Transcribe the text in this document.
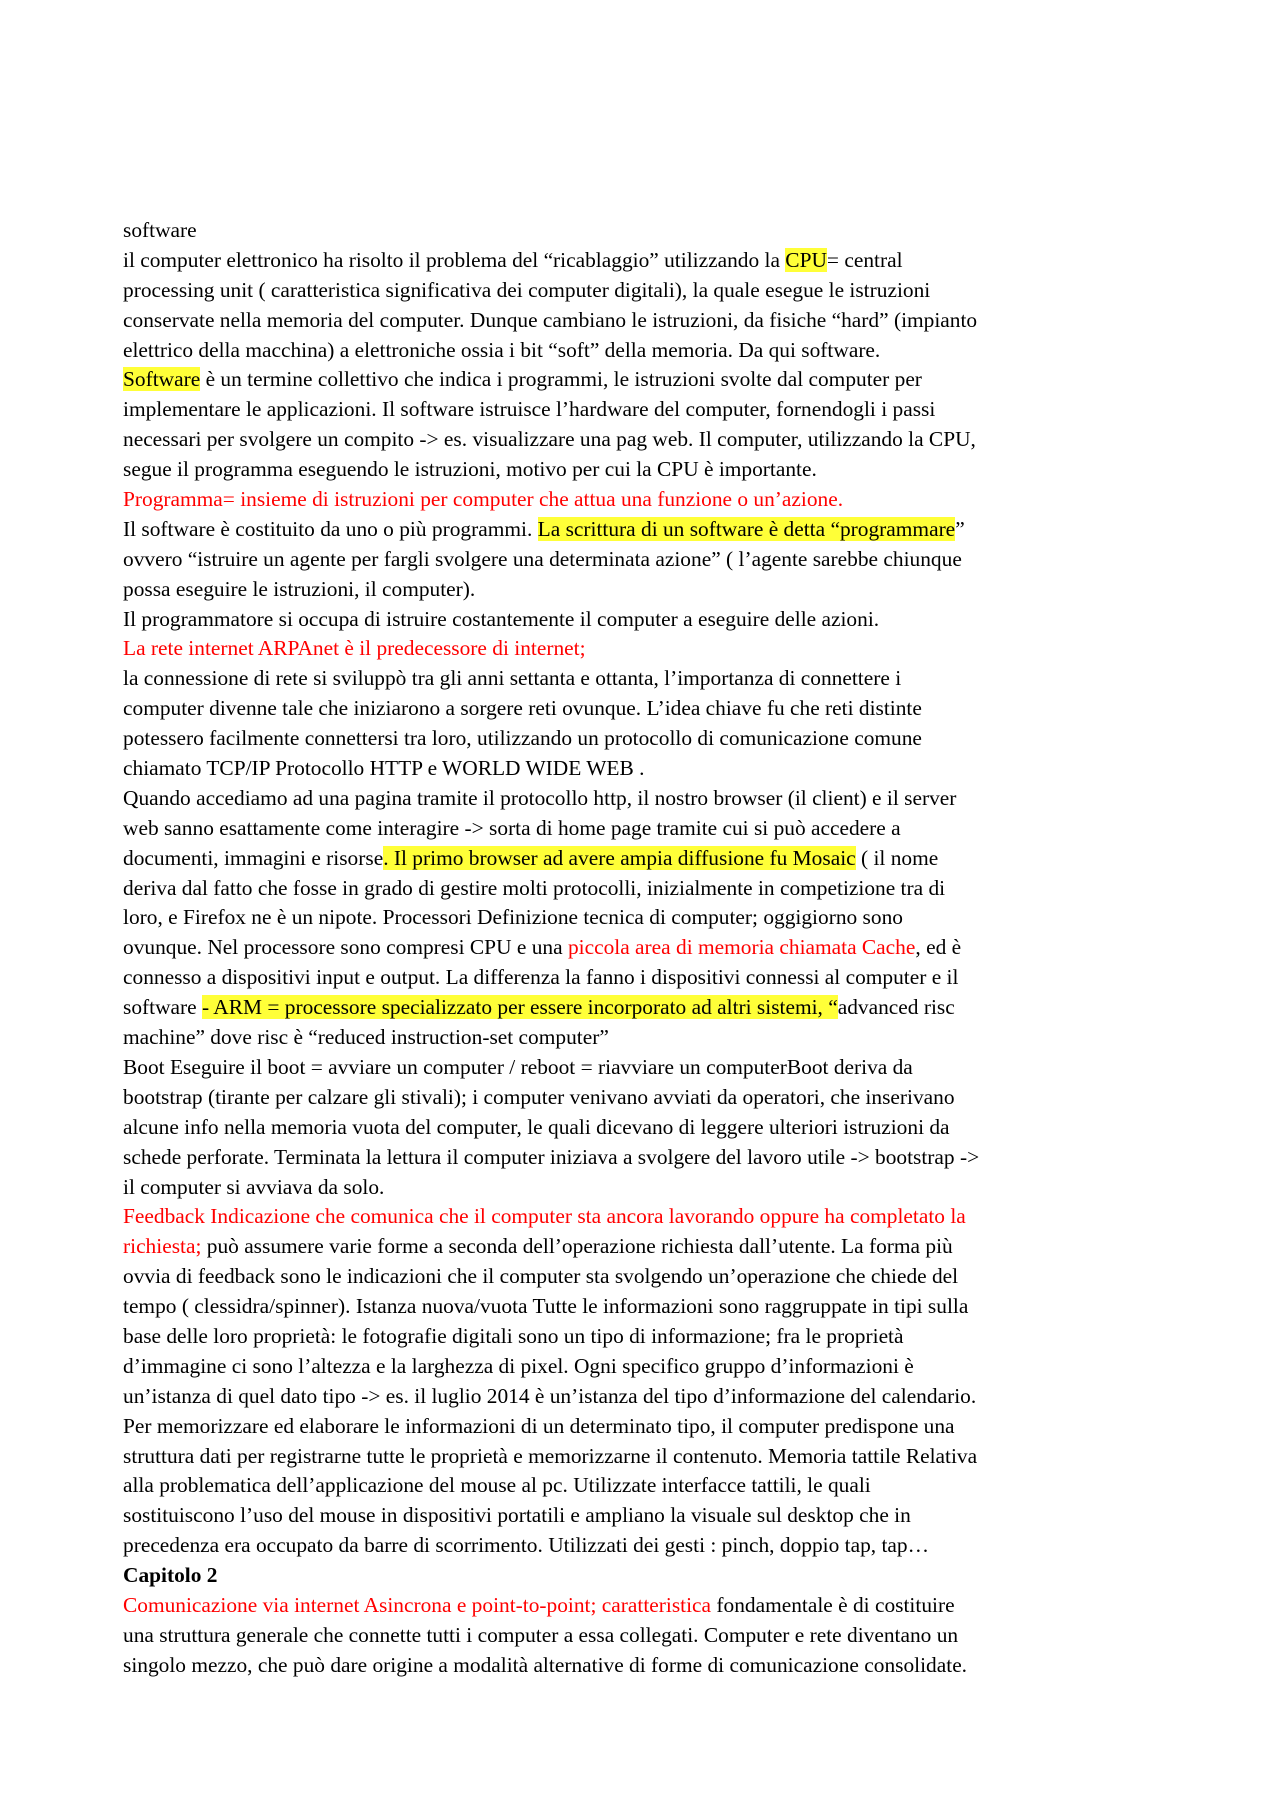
software
il computer elettronico ha risolto il problema del “ricablaggio” utilizzando la CPU= central
processing unit ( caratteristica significativa dei computer digitali), la quale esegue le istruzioni
conservate nella memoria del computer. Dunque cambiano le istruzioni, da fisiche “hard” (impianto
elettrico della macchina) a elettroniche ossia i bit “soft” della memoria. Da qui software.
Software è un termine collettivo che indica i programmi, le istruzioni svolte dal computer per
implementare le applicazioni. Il software istruisce l’hardware del computer, fornendogli i passi
necessari per svolgere un compito -> es. visualizzare una pag web. Il computer, utilizzando la CPU,
segue il programma eseguendo le istruzioni, motivo per cui la CPU è importante.
Programma= insieme di istruzioni per computer che attua una funzione o un’azione.
Il software è costituito da uno o più programmi. La scrittura di un software è detta “programmare”
ovvero “istruire un agente per fargli svolgere una determinata azione” ( l’agente sarebbe chiunque
possa eseguire le istruzioni, il computer).
Il programmatore si occupa di istruire costantemente il computer a eseguire delle azioni.
La rete internet ARPAnet è il predecessore di internet;
la connessione di rete si sviluppò tra gli anni settanta e ottanta, l’importanza di connettere i
computer divenne tale che iniziarono a sorgere reti ovunque. L’idea chiave fu che reti distinte
potessero facilmente connettersi tra loro, utilizzando un protocollo di comunicazione comune
chiamato TCP/IP Protocollo HTTP e WORLD WIDE WEB .
Quando accediamo ad una pagina tramite il protocollo http, il nostro browser (il client) e il server
web sanno esattamente come interagire -> sorta di home page tramite cui si può accedere a
documenti, immagini e risorse. Il primo browser ad avere ampia diffusione fu Mosaic ( il nome
deriva dal fatto che fosse in grado di gestire molti protocolli, inizialmente in competizione tra di
loro, e Firefox ne è un nipote. Processori Definizione tecnica di computer; oggigiorno sono
ovunque. Nel processore sono compresi CPU e una piccola area di memoria chiamata Cache, ed è
connesso a dispositivi input e output. La differenza la fanno i dispositivi connessi al computer e il
software - ARM = processore specializzato per essere incorporato ad altri sistemi, “advanced risc
machine” dove risc è “reduced instruction-set computer”
Boot Eseguire il boot = avviare un computer / reboot = riavviare un computerBoot deriva da
bootstrap (tirante per calzare gli stivali); i computer venivano avviati da operatori, che inserivano
alcune info nella memoria vuota del computer, le quali dicevano di leggere ulteriori istruzioni da
schede perforate. Terminata la lettura il computer iniziava a svolgere del lavoro utile -> bootstrap ->
il computer si avviava da solo.
Feedback Indicazione che comunica che il computer sta ancora lavorando oppure ha completato la
richiesta; può assumere varie forme a seconda dell’operazione richiesta dall’utente. La forma più
ovvia di feedback sono le indicazioni che il computer sta svolgendo un’operazione che chiede del
tempo ( clessidra/spinner). Istanza nuova/vuota Tutte le informazioni sono raggruppate in tipi sulla
base delle loro proprietà: le fotografie digitali sono un tipo di informazione; fra le proprietà
d’immagine ci sono l’altezza e la larghezza di pixel. Ogni specifico gruppo d’informazioni è
un’istanza di quel dato tipo -> es. il luglio 2014 è un’istanza del tipo d’informazione del calendario.
Per memorizzare ed elaborare le informazioni di un determinato tipo, il computer predispone una
struttura dati per registrarne tutte le proprietà e memorizzarne il contenuto. Memoria tattile Relativa
alla problematica dell’applicazione del mouse al pc. Utilizzate interfacce tattili, le quali
sostituiscono l’uso del mouse in dispositivi portatili e ampliano la visuale sul desktop che in
precedenza era occupato da barre di scorrimento. Utilizzati dei gesti : pinch, doppio tap, tap…
Capitolo 2
Comunicazione via internet Asincrona e point-to-point; caratteristica fondamentale è di costituire
una struttura generale che connette tutti i computer a essa collegati. Computer e rete diventano un
singolo mezzo, che può dare origine a modalità alternative di forme di comunicazione consolidate.
